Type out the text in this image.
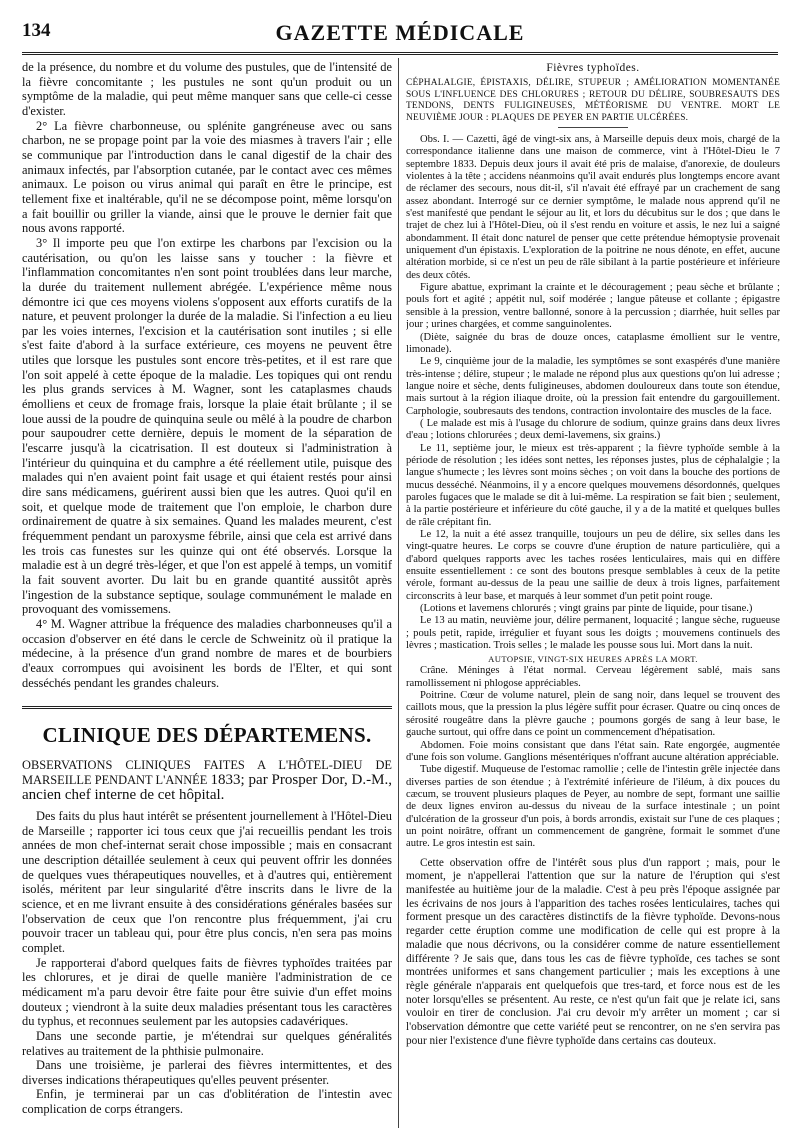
134	GAZETTE MÉDICALE

de la présence, du nombre et du volume des pustules, que de l'intensité de la fièvre concomitante ; les pustules ne sont qu'un produit ou un symptôme de la maladie, qui peut même manquer sans que celle-ci cesse d'exister.

2° La fièvre charbonneuse, ou splénite gangréneuse avec ou sans charbon, ne se propage point par la voie des miasmes à travers l'air ; elle se communique par l'introduction dans le canal digestif de la chair des animaux infectés, par l'absorption cutanée, par le contact avec ces mêmes animaux. Le poison ou virus animal qui paraît en être le principe, est tellement fixe et inaltérable, qu'il ne se décompose point, même lorsqu'on a fait bouillir ou griller la viande, ainsi que le prouve le dernier fait que nous avons rapporté.

3° Il importe peu que l'on extirpe les charbons par l'excision ou la cautérisation, ou qu'on les laisse sans y toucher : la fièvre et l'inflammation concomitantes n'en sont point troublées dans leur marche, la durée du traitement nullement abrégée. L'expérience même nous démontre ici que ces moyens violens s'opposent aux efforts curatifs de la nature, et peuvent prolonger la durée de la maladie. Si l'infection a eu lieu par les voies internes, l'excision et la cautérisation sont inutiles ; si elle s'est faite d'abord à la surface extérieure, ces moyens ne peuvent être utiles que lorsque les pustules sont encore très-petites, et il est rare que l'on soit appelé à cette époque de la maladie. Les topiques qui ont rendu les plus grands services à M. Wagner, sont les cataplasmes chauds émolliens et ceux de fromage frais, lorsque la plaie était brûlante ; il se loue aussi de la poudre de quinquina seule ou mêlé à la poudre de charbon pour saupoudrer cette dernière, depuis le moment de la séparation de l'escarre jusqu'à la cicatrisation. Il est douteux si l'administration à l'intérieur du quinquina et du camphre a été réellement utile, puisque des malades qui n'en avaient point fait usage et qui étaient restés pour ainsi dire sans médicamens, guérirent aussi bien que les autres. Quoi qu'il en soit, et quelque mode de traitement que l'on emploie, le charbon dure ordinairement de quatre à six semaines. Quand les malades meurent, c'est fréquemment pendant un paroxysme fébrile, ainsi que cela est arrivé dans les trois cas funestes sur les quinze qui ont été observés. Lorsque la maladie est à un degré très-léger, et que l'on est appelé à temps, un vomitif la fait souvent avorter. Du lait bu en grande quantité aussitôt après l'ingestion de la substance septique, soulage communément le malade en provoquant des vomissemens.

4° M. Wagner attribue la fréquence des maladies charbonneuses qu'il a occasion d'observer en été dans le cercle de Schweinitz où il pratique la médecine, à la présence d'un grand nombre de mares et de bourbiers d'eaux corrompues qui avoisinent les bords de l'Elter, et qui sont desséchés pendant les grandes chaleurs.

CLINIQUE DES DÉPARTEMENS.
OBSERVATIONS CLINIQUES FAITES A L'HÔTEL-DIEU DE MARSEILLE PENDANT L'ANNÉE 1833; par Prosper Dor, D.-M., ancien chef interne de cet hôpital.

Des faits du plus haut intérêt se présentent journellement à l'Hôtel-Dieu de Marseille ; rapporter ici tous ceux que j'ai recueillis pendant les trois années de mon chef-internat serait chose impossible ; mais en consacrant une description détaillée seulement à ceux qui peuvent offrir les données de quelques vues thérapeutiques nouvelles, et à d'autres qui, entièrement isolés, méritent par leur singularité d'être inscrits dans le livre de la science, et en me livrant ensuite à des considérations générales basées sur l'observation de ceux que l'on rencontre plus fréquemment, j'ai cru pouvoir tracer un tableau qui, pour être plus concis, n'en sera pas moins complet.

Je rapporterai d'abord quelques faits de fièvres typhoïdes traitées par les chlorures, et je dirai de quelle manière l'administration de ce médicament m'a paru devoir être faite pour être suivie d'un effet moins douteux ; viendront à la suite deux maladies présentant tous les caractères du typhus, et reconnues seulement par les autopsies cadavériques.

Dans une seconde partie, je m'étendrai sur quelques généralités relatives au traitement de la phthisie pulmonaire.

Dans une troisième, je parlerai des fièvres intermittentes, et des diverses indications thérapeutiques qu'elles peuvent présenter.

Enfin, je terminerai par un cas d'oblitération de l'intestin avec complication de corps étrangers.

Fièvres typhoïdes.
CÉPHALALGIE, ÉPISTAXIS, DÉLIRE, STUPEUR ; AMÉLIORATION MOMENTANÉE SOUS L'INFLUENCE DES CHLORURES ; RETOUR DU DÉLIRE, SOUBRESAUTS DES TENDONS, DENTS FULIGINEUSES, MÉTÉORISME DU VENTRE. MORT LE NEUVIÈME JOUR : PLAQUES DE PEYER EN PARTIE ULCÉRÉES.

Obs. I. — Cazetti, âgé de vingt-six ans, à Marseille depuis deux mois, chargé de la correspondance italienne dans une maison de commerce, vint à l'Hôtel-Dieu le 7 septembre 1833. Depuis deux jours il avait été pris de malaise, d'anorexie, de douleurs violentes à la tête ; accidens néanmoins qu'il avait endurés plus longtemps encore avant de réclamer des secours, nous dit-il, s'il n'avait été effrayé par un crachement de sang assez abondant. Interrogé sur ce dernier symptôme, le malade nous apprend qu'il ne s'est manifesté que pendant le séjour au lit, et lors du décubitus sur le dos ; que dans le trajet de chez lui à l'Hôtel-Dieu, où il s'est rendu en voiture et assis, le nez lui a saigné abondamment. Il était donc naturel de penser que cette prétendue hémoptysie provenait uniquement d'un épistaxis. L'exploration de la poitrine ne nous dénote, en effet, aucune altération morbide, si ce n'est un peu de râle sibilant à la partie postérieure et inférieure des deux côtés.

Figure abattue, exprimant la crainte et le découragement ; peau sèche et brûlante ; pouls fort et agité ; appétit nul, soif modérée ; langue pâteuse et collante ; épigastre sensible à la pression, ventre ballonné, sonore à la percussion ; diarrhée, huit selles par jour ; urines chargées, et comme sanguinolentes.

(Diète, saignée du bras de douze onces, cataplasme émollient sur le ventre, limonade).

Le 9, cinquième jour de la maladie, les symptômes se sont exaspérés d'une manière très-intense ; délire, stupeur ; le malade ne répond plus aux questions qu'on lui adresse ; langue noire et sèche, dents fuligineuses, abdomen douloureux dans toute son étendue, mais surtout à la région iliaque droite, où la pression fait entendre du gargouillement. Carphologie, soubresauts des tendons, contraction involontaire des muscles de la face.

( Le malade est mis à l'usage du chlorure de sodium, quinze grains dans deux livres d'eau ; lotions chlorurées ; deux demi-lavemens, six grains.)

Le 11, septième jour, le mieux est très-apparent ; la fièvre typhoïde semble à la période de résolution ; les idées sont nettes, les réponses justes, plus de céphalalgie ; la langue s'humecte ; les lèvres sont moins sèches ; on voit dans la bouche des portions de mucus desséché. Néanmoins, il y a encore quelques mouvemens désordonnés, quelques paroles fugaces que le malade se dit à lui-même. La respiration se fait bien ; seulement, à la partie postérieure et inférieure du côté gauche, il y a de la matité et quelques bulles de râle crépitant fin.

Le 12, la nuit a été assez tranquille, toujours un peu de délire, six selles dans les vingt-quatre heures. Le corps se couvre d'une éruption de nature particulière, qui a d'abord quelques rapports avec les taches rosées lenticulaires, mais qui en diffère ensuite essentiellement : ce sont des boutons presque semblables à ceux de la petite vérole, formant au-dessus de la peau une saillie de deux à trois lignes, parfaitement circonscrits à leur base, et marqués à leur sommet d'un petit point rouge.

(Lotions et lavemens chlorurés ; vingt grains par pinte de liquide, pour tisane.)

Le 13 au matin, neuvième jour, délire permanent, loquacité ; langue sèche, rugueuse ; pouls petit, rapide, irrégulier et fuyant sous les doigts ; mouvemens continuels des lèvres ; mastication. Trois selles ; le malade les pousse sous lui. Mort dans la nuit.

AUTOPSIE, VINGT-SIX HEURES APRÈS LA MORT.

Crâne. Méninges à l'état normal. Cerveau légèrement sablé, mais sans ramollissement ni phlogose appréciables.

Poitrine. Cœur de volume naturel, plein de sang noir, dans lequel se trouvent des caillots mous, que la pression la plus légère suffit pour écraser. Quatre ou cinq onces de sérosité rougeâtre dans la plèvre gauche ; poumons gorgés de sang à leur base, le gauche surtout, qui offre dans ce point un commencement d'hépatisation.

Abdomen. Foie moins consistant que dans l'état sain. Rate engorgée, augmentée d'une fois son volume. Ganglions mésentériques n'offrant aucune altération appréciable.

Tube digestif. Muqueuse de l'estomac ramollie ; celle de l'intestin grêle injectée dans diverses parties de son étendue ; à l'extrémité inférieure de l'iléum, à dix pouces du cæcum, se trouvent plusieurs plaques de Peyer, au nombre de sept, formant une saillie de deux lignes environ au-dessus du niveau de la surface intestinale ; un point d'ulcération de la grosseur d'un pois, à bords arrondis, existait sur l'une de ces plaques ; un point noirâtre, offrant un commencement de gangrène, formait le sommet d'une autre. Le gros intestin est sain.

Cette observation offre de l'intérêt sous plus d'un rapport ; mais, pour le moment, je n'appellerai l'attention que sur la nature de l'éruption qui s'est manifestée au huitième jour de la maladie. C'est à peu près l'époque assignée par les écrivains de nos jours à l'apparition des taches rosées lenticulaires, taches qui forment presque un des caractères distinctifs de la fièvre typhoïde. Devons-nous regarder cette éruption comme une modification de celle qui est propre à la maladie que nous décrivons, ou la considérer comme de nature essentiellement différente ? Je sais que, dans tous les cas de fièvre typhoïde, ces taches se sont montrées uniformes et sans changement particulier ; mais les exceptions à une règle générale n'apparais ent quelquefois que tres-tard, et force nous est de les noter lorsqu'elles se présentent. Au reste, ce n'est qu'un fait que je relate ici, sans vouloir en tirer de conclusion. J'ai cru devoir m'y arrêter un moment ; car si l'observation démontre que cette variété peut se rencontrer, on ne s'en servira pas pour nier l'existence d'une fièvre typhoïde dans certains cas douteux.
